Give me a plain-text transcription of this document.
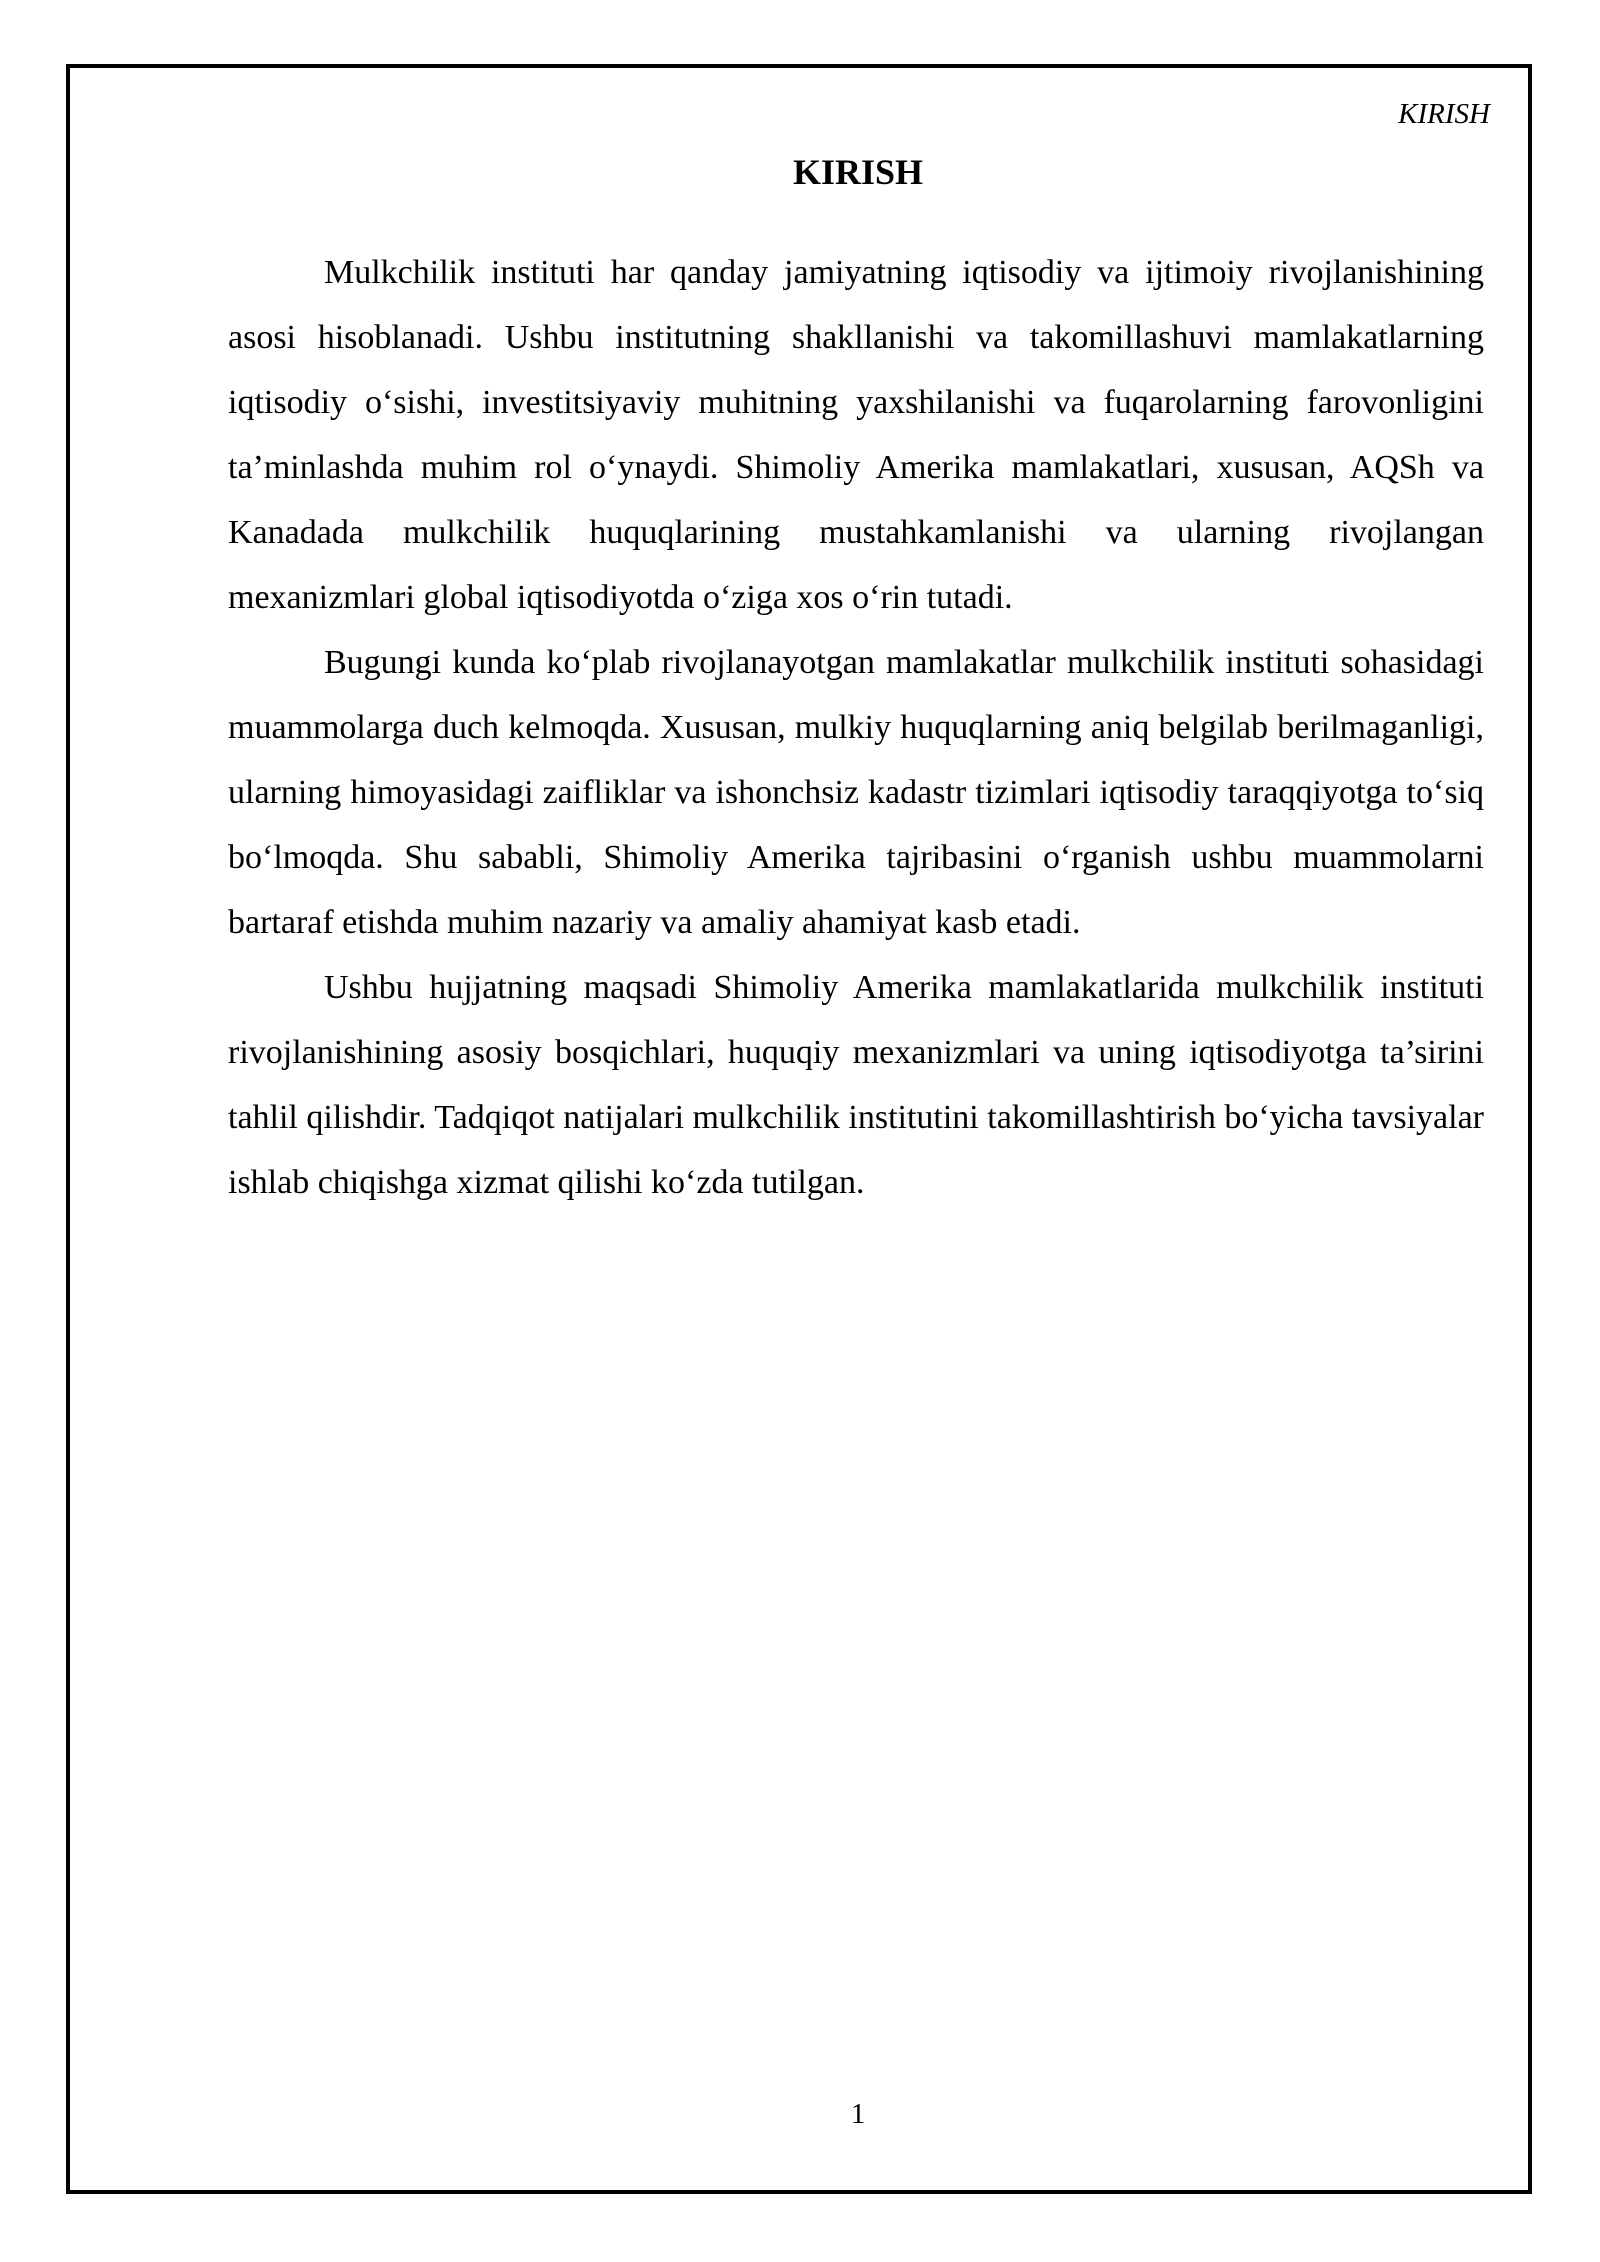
KIRISH
KIRISH

Mulkchilik instituti har qanday jamiyatning iqtisodiy va ijtimoiy rivojlanishining asosi hisoblanadi. Ushbu institutning shakllanishi va takomillashuvi mamlakatlarning iqtisodiy o‘sishi, investitsiyaviy muhitning yaxshilanishi va fuqarolarning farovonligini ta’minlashda muhim rol o‘ynaydi. Shimoliy Amerika mamlakatlari, xususan, AQSh va Kanadada mulkchilik huquqlarining mustahkamlanishi va ularning rivojlangan mexanizmlari global iqtisodiyotda o‘ziga xos o‘rin tutadi.

Bugungi kunda ko‘plab rivojlanayotgan mamlakatlar mulkchilik instituti sohasidagi muammolarga duch kelmoqda. Xususan, mulkiy huquqlarning aniq belgilab berilmaganligi, ularning himoyasidagi zaifliklar va ishonchsiz kadastr tizimlari iqtisodiy taraqqiyotga to‘siq bo‘lmoqda. Shu sababli, Shimoliy Amerika tajribasini o‘rganish ushbu muammolarni bartaraf etishda muhim nazariy va amaliy ahamiyat kasb etadi.

Ushbu hujjatning maqsadi Shimoliy Amerika mamlakatlarida mulkchilik instituti rivojlanishining asosiy bosqichlari, huquqiy mexanizmlari va uning iqtisodiyotga ta’sirini tahlil qilishdir. Tadqiqot natijalari mulkchilik institutini takomillashtirish bo‘yicha tavsiyalar ishlab chiqishga xizmat qilishi ko‘zda tutilgan.

1
